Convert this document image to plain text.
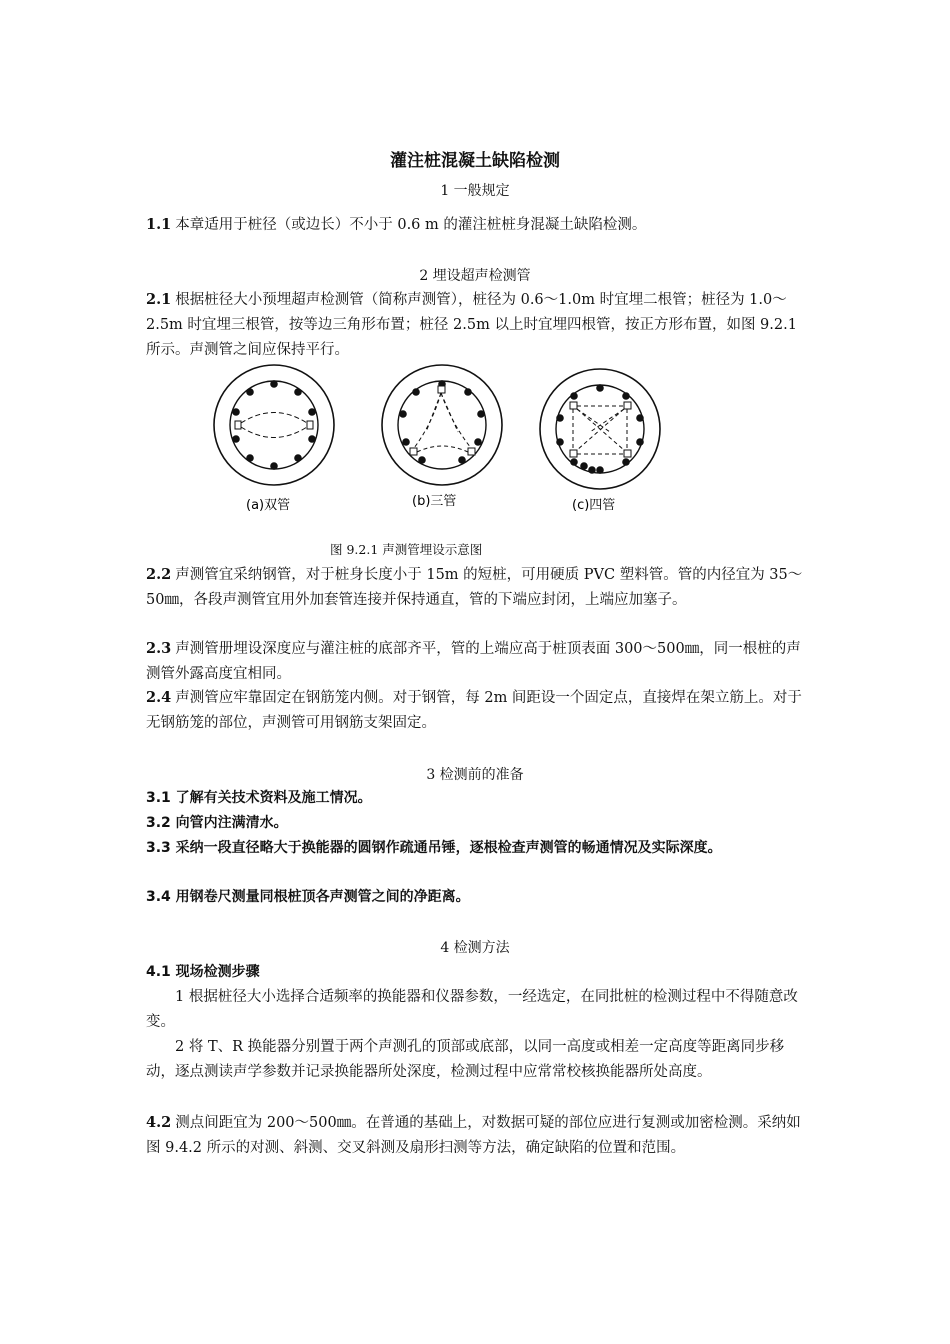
灌注桩混凝土缺陷检测
1 一般规定
1.1 本章适用于桩径（或边长）不小于 0.6 m 的灌注桩桩身混凝土缺陷检测。
2 埋设超声检测管
2.1 根据桩径大小预埋超声检测管（简称声测管），桩径为 0.6～1.0m 时宜埋二根管；桩径为 1.0～2.5m 时宜埋三根管，按等边三角形布置；桩径 2.5m 以上时宜埋四根管，按正方形布置，如图 9.2.1 所示。声测管之间应保持平行。
(a)双管	(b)三管	(c)四管
图 9.2.1 声测管埋设示意图
2.2 声测管宜采纳钢管，对于桩身长度小于 15m 的短桩，可用硬质 PVC 塑料管。管的内径宜为 35～50㎜，各段声测管宜用外加套管连接并保持通直，管的下端应封闭，上端应加塞子。
2.3 声测管册埋设深度应与灌注桩的底部齐平，管的上端应高于桩顶表面 300～500㎜，同一根桩的声测管外露高度宜相同。
2.4 声测管应牢靠固定在钢筋笼内侧。对于钢管，每 2m 间距设一个固定点，直接焊在架立筋上。对于无钢筋笼的部位，声测管可用钢筋支架固定。
3 检测前的准备
3.1 了解有关技术资料及施工情况。
3.2 向管内注满清水。
3.3 采纳一段直径略大于换能器的圆钢作疏通吊锤，逐根检查声测管的畅通情况及实际深度。
3.4 用钢卷尺测量同根桩顶各声测管之间的净距离。
4 检测方法
4.1 现场检测步骤
1 根据桩径大小选择合适频率的换能器和仪器参数，一经选定，在同批桩的检测过程中不得随意改变。
2 将 T、R 换能器分别置于两个声测孔的顶部或底部，以同一高度或相差一定高度等距离同步移动，逐点测读声学参数并记录换能器所处深度，检测过程中应常常校核换能器所处高度。
4.2 测点间距宜为 200～500㎜。在普通的基础上，对数据可疑的部位应进行复测或加密检测。采纳如图 9.4.2 所示的对测、斜测、交叉斜测及扇形扫测等方法，确定缺陷的位置和范围。
